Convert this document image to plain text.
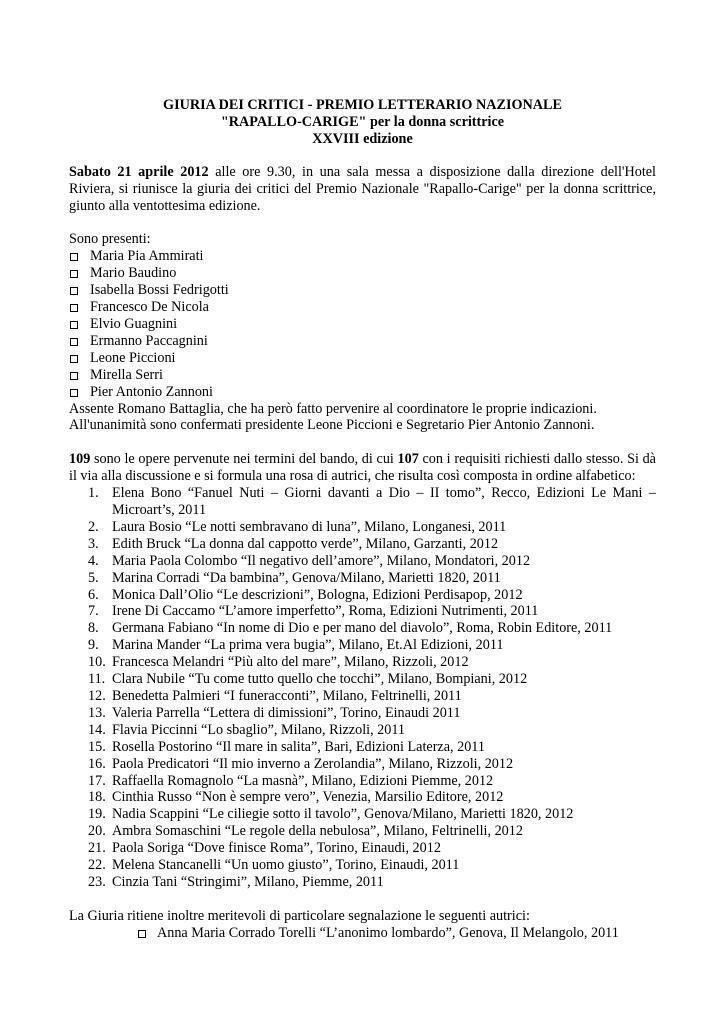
GIURIA DEI CRITICI - PREMIO LETTERARIO NAZIONALE

"RAPALLO-CARIGE" per la donna scrittrice

XXVIII edizione

Sabato 21 aprile 2012 alle ore 9.30, in una sala messa a disposizione dalla direzione dell'Hotel Riviera, si riunisce la giuria dei critici del Premio Nazionale "Rapallo-Carige" per la donna scrittrice, giunto alla ventottesima edizione.

Sono presenti:

Maria Pia Ammirati
Mario Baudino
Isabella Bossi Fedrigotti
Francesco De Nicola
Elvio Guagnini
Ermanno Paccagnini
Leone Piccioni
Mirella Serri
Pier Antonio Zannoni

Assente Romano Battaglia, che ha però fatto pervenire al coordinatore le proprie indicazioni.

All'unanimità sono confermati presidente Leone Piccioni e Segretario Pier Antonio Zannoni.

109 sono le opere pervenute nei termini del bando, di cui 107 con i requisiti richiesti dallo stesso. Si dà il via alla discussione e si formula una rosa di autrici, che risulta così composta in ordine alfabetico:

1. Elena Bono “Fanuel Nuti – Giorni davanti a Dio – II tomo”, Recco, Edizioni Le Mani – Microart’s, 2011
2. Laura Bosio “Le notti sembravano di luna”, Milano, Longanesi, 2011
3. Edith Bruck “La donna dal cappotto verde”, Milano, Garzanti, 2012
4. Maria Paola Colombo “Il negativo dell’amore”, Milano, Mondatori, 2012
5. Marina Corradi “Da bambina”, Genova/Milano, Marietti 1820, 2011
6. Monica Dall’Olio “Le descrizioni”, Bologna, Edizioni Perdisapop, 2012
7. Irene Di Caccamo “L’amore imperfetto”, Roma, Edizioni Nutrimenti, 2011
8. Germana Fabiano “In nome di Dio e per mano del diavolo”, Roma, Robin Editore, 2011
9. Marina Mander “La prima vera bugia”, Milano, Et.Al Edizioni, 2011
10. Francesca Melandri “Più alto del mare”, Milano, Rizzoli, 2012
11. Clara Nubile “Tu come tutto quello che tocchi”, Milano, Bompiani, 2012
12. Benedetta Palmieri “I funeracconti”, Milano, Feltrinelli, 2011
13. Valeria Parrella “Lettera di dimissioni”, Torino, Einaudi 2011
14. Flavia Piccinni “Lo sbaglio”, Milano, Rizzoli, 2011
15. Rosella Postorino “Il mare in salita”, Bari, Edizioni Laterza, 2011
16. Paola Predicatori “Il mio inverno a Zerolandia”, Milano, Rizzoli, 2012
17. Raffaella Romagnolo “La masnà”, Milano, Edizioni Piemme, 2012
18. Cinthia Russo “Non è sempre vero”, Venezia, Marsilio Editore, 2012
19. Nadia Scappini “Le ciliegie sotto il tavolo”, Genova/Milano, Marietti 1820, 2012
20. Ambra Somaschini “Le regole della nebulosa”, Milano, Feltrinelli, 2012
21. Paola Soriga “Dove finisce Roma”, Torino, Einaudi, 2012
22. Melena Stancanelli “Un uomo giusto”, Torino, Einaudi, 2011
23. Cinzia Tani “Stringimi”, Milano, Piemme, 2011

La Giuria ritiene inoltre meritevoli di particolare segnalazione le seguenti autrici:

Anna Maria Corrado Torelli “L’anonimo lombardo”, Genova, Il Melangolo, 2011
